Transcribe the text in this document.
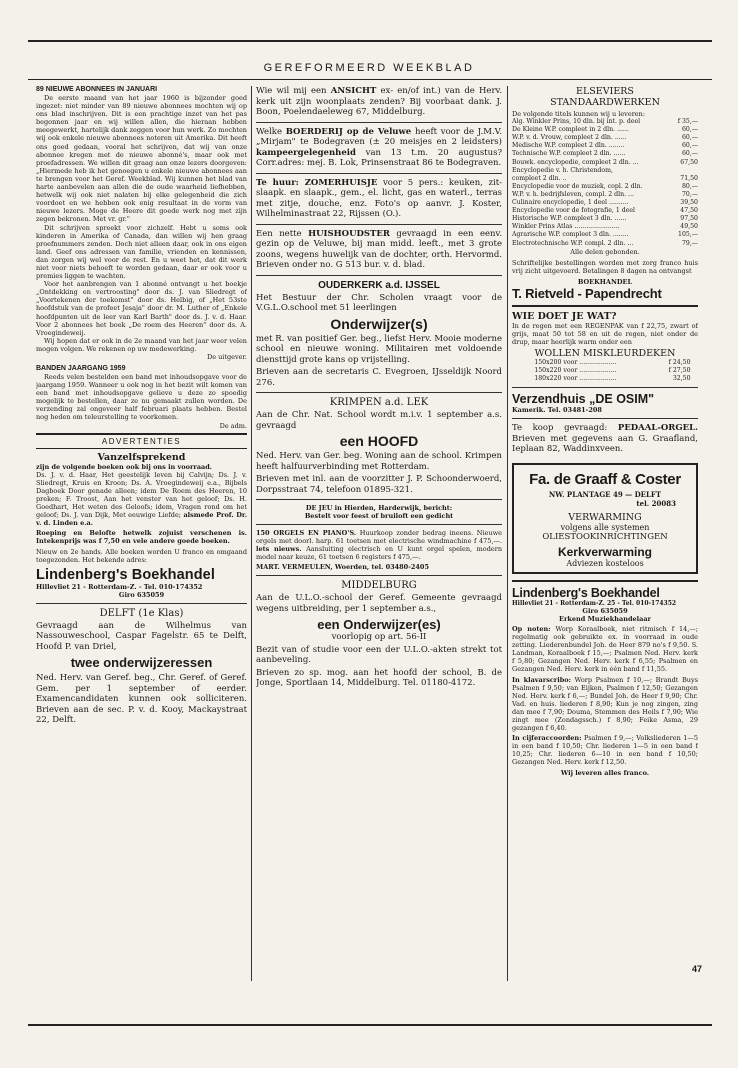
GEREFORMEERD WEEKBLAD
89 NIEUWE ABONNEES IN JANUARI

De eerste maand van het jaar 1960 is bijzonder goed ingezet: niet minder van 89 nieuwe abonnees mochten wij op ons blad inschrijven. Dit is een prachtige inzet van het pas begonnen jaar en wij willen allen, die hieraan hebben meegewerkt, hartelijk dank zeggen voor hun werk. Zo mochten wij ook enkele nieuwe abonnees noteren uit Amerika. Dit heeft ons goed gedaan, vooral het schrijven, dat wij van onze abonnee kregen met de nieuwe abonné's, maar ook met proefadressen. We willen dit graag aan onze lezers doorgeven: „Hiermede heb ik het genoegen u enkele nieuwe abonnees aan te brengen voor het Geref. Weekblad. Wij kunnen het blad van harte aanbevelen aan allen die de oude waarheid liefhebben, hetwelk wij ook niet nalaten bij elke gelegenheid die zich voordoet en we hebben ook enig resultaat in de vorm van nieuwe lezers. Moge de Heere dit goede werk nog met zijn zegen bekronen. Met vr. gr."

Dit schrijven spreekt voor zichzelf. Hebt u soms ook kinderen in Amerika of Canada, dan willen wij hen graag proefnummers zenden. Doch niet alleen daar, ook in ons eigen land. Geef ons adressen van familie, vrienden en kennissen, dan zorgen wij wel voor de rest. En u weet het, dat dit werk niet voor niets behoeft te worden gedaan, daar er ook voor u premies liggen te wachten.

Voor het aanbrengen van 1 abonné ontvangt u het boekje „Ontdekking en vertroosting" door ds. J. van Sliedregt of „Voortekenen der toekomst" door ds. Helbig, of „Het 53ste hoofdstuk van de profeet Jesaja" door dr. M. Luther of „Enkele hoofdpunten uit de leer van Karl Barth" door ds. J. v. d. Haar. Voor 2 abonnees het boek „De roem des Heeren" door ds. A. Vroegindeweij.

Wij hopen dat er ook in de 2e maand van het jaar weer velen mogen volgen. We rekenen op uw medewerking.

De uitgever.
BANDEN JAARGANG 1959

Reeds velen bestelden een band met inhoudsopgave voor de jaargang 1959. Wanneer u ook nog in het bezit wilt komen van een band met inhoudsopgave gelieve u deze zo spoedig mogelijk te bestellen, daar ze nu gemaakt zullen worden. De verzending zal ongeveer half februari plaats hebben. Bestel nog heden om teleurstelling te voorkomen.

De adm.
ADVERTENTIES
Vanzelfsprekend
zijn de volgende boeken ook bij ons in voorraad.
Ds. J. v. d. Haar, Het geestelijk leven bij Calvijn; Ds. J. v. Sliedregt, Kruis en Kroon; Ds. A. Vroegindeweij e.a., Bijbels Dagboek Door genade alleen; idem De Roem des Heeren, 10 preken; F. Troost, Aan het venster van het geloof; Ds. H. Goedhart, Het weten des Geloofs; idem, Vragen rond om het geloof; Ds. J. van Dijk, Met eeuwige Liefde; alsmede Prof. Dr. v. d. Linden e.a.
Roeping en Belofte hetwelk zojuist verschenen is. Intekenprijs was f 7,50 en vele andere goede boeken.
Nieuw en 2e hands. Alle boeken worden U franco en omgaand toegezonden. Het bekende adres:
Lindenberg's Boekhandel
Hillevliet 21 - Rotterdam-Z. - Tel. 010-174352
Giro 635059
DELFT (1e Klas)

Gevraagd aan de Wilhelmus van Nassouweschool, Caspar Fagelstr. 65 te Delft, Hoofd P. van Driel,

twee onderwijzeressen

Ned. Herv. van Geref. beg., Chr. Geref. of Geref. Gem. per 1 september of eerder. Examencandidaten kunnen ook solliciteren. Brieven aan de sec. P. v. d. Kooy, Mackaystraat 22, Delft.

Wie wil mij een ANSICHT ex- en/of int.) van de Herv. kerk uit zijn woonplaats zenden? Bij voorbaat dank. J. Boon, Poelendaeleweg 67, Middelburg.
Welke BOERDERIJ op de Veluwe heeft voor de J.M.V. „Mirjam" te Bodegraven (± 20 meisjes en 2 leidsters) kampeergelegenheid van 13 t.m. 20 augustus? Corr.adres: mej. B. Lok, Prinsenstraat 86 te Bodegraven.
Te huur: ZOMERHUISJE voor 5 pers.: keuken, zit-slaapk. en slaapk., gem., el. licht, gas en waterl., terras met zitje, douche, enz. Foto's op aanvr. J. Koster, Wilhelminastraat 22, Rijssen (O.).
Een nette HUISHOUDSTER gevraagd in een eenv. gezin op de Veluwe, bij man midd. leeft., met 3 grote zoons, wegens huwelijk van de dochter, orth. Hervormd. Brieven onder no. G 513 bur. v. d. blad.
OUDERKERK a.d. IJSSEL

Het Bestuur der Chr. Scholen vraagt voor de V.G.L.O.school met 51 leerlingen

Onderwijzer(s)

met R. van positief Ger. beg., liefst Herv. Mooie moderne school en nieuwe woning. Militairen met voldoende diensttijd grote kans op vrijstelling.

Brieven aan de secretaris C. Evegroen, IJsseldijk Noord 276.

KRIMPEN a.d. LEK

Aan de Chr. Nat. School wordt m.i.v. 1 september a.s. gevraagd

een HOOFD

Ned. Herv. van Ger. beg. Woning aan de school. Krimpen heeft halfuurverbinding met Rotterdam.

Brieven met inl. aan de voorzitter J. P. Schoonderwoerd, Dorpsstraat 74, telefoon 01895-321.

DE JEU in Hierden, Harderwijk, bericht:
Bestelt voor feest of bruiloft een gedicht
150 ORGELS EN PIANO'S. Huurkoop zonder bedrag ineens. Nieuwe orgels met doorl. harp. 61 toetsen met electrische windmachine f 475,—. lets nieuws. Aansluiting electrisch en U kunt orgel spelen, modern model naar keuze, 61 toetsen 6 registers f 475,—.
MART. VERMEULEN, Woerden, tel. 03480-2405
MIDDELBURG

Aan de U.L.O.-school der Geref. Gemeente gevraagd wegens uitbreiding, per 1 september a.s.,

een Onderwijzer(es)
voorlopig op art. 56-II

Bezit van of studie voor een der U.L.O.-akten strekt tot aanbeveling.

Brieven zo sp. mog. aan het hoofd der school, B. de Jonge, Sportlaan 14, Middelburg. Tel. 01180-4172.

ELSEVIERS
STANDAARDWERKEN
De volgende titels kunnen wij u leveren:
Alg. Winkler Prins, 10 dln. bij int. p. deel	f 35,—
De Kleine W.P. compleet in 2 dln. ......	60,—
W.P. v. d. Vrouw, compleet 2 dln. ......	60,—
Medische W.P. compleet 2 dln. ........	60,—
Technische W.P. compleet 2 dln. ......	60,—
Bouwk. encyclopedie, compleet 2 dln. ...	67,50
Encyclopedie v. h. Christendom,	
compleet 2 dln. ..	71,50
Encyclopedie voor de muziek, copl. 2 dln.	80,—
W.P. v. h. bedrijfsleven, compl. 2 dln. ...	70,—
Culinaire encyclopedie, 1 deel ..........	39,50
Encyclopedie voor de fotografie, 1 deel	47,50
Historische W.P. compleet 3 dln. ......	97,50
Winkler Prins Atlas .......................	49,50
Agrarische W.P. compleet 3 dln. ........	105,—
Electrotechnische W.P. compl. 2 dln. ...	79,—
Alle delen gebonden.

Schriftelijke bestellingen worden met zorg franco huis vrij zicht uitgevoerd. Betalingen 8 dagen na ontvangst

BOEKHANDEL
T. Rietveld - Papendrecht
WIE DOET JE WAT?

In de regen met een REGENPAK van f 22,75, zwart of grijs, maat 50 tot 58 en uit de regen, niet onder de drup, maar heerlijk warm onder een

WOLLEN MISKLEURDEKEN
150x200 voor ...................	f 24,50
150x220 voor ...................	f 27,50
180x220 voor ...................	32,50
Verzendhuis „DE OSIM"
Kamerik. Tel. 03481-208
Te koop gevraagd: PEDAAL-ORGEL. Brieven met gegevens aan G. Graafland, Ieplaan 82, Waddinxveen.
Fa. de Graaff & Coster
NW. PLANTAGE 49 — DELFT
tel. 20083
VERWARMING
volgens alle systemen
OLIESTOOKINRICHTINGEN
Kerkverwarming
Adviezen kosteloos
Lindenberg's Boekhandel
Hillevliet 21 - Rotterdam-Z. 25 - Tel. 010-174352
Giro 635059
Erkend Muziekhandelaar

Op noten: Worp Koraalboek, niet ritmisch f 14,—; regelmatig ook gebruikte ex. in voorraad in oude zetting. Liederenbundel Joh. de Heer 879 no's f 9,50. S. Landman, Koraalboek f 15,—; Psalmen Ned. Herv. kerk f 5,80; Gezangen Ned. Herv. kerk f 6,55; Psalmen en Gezangen Ned. Herv. kerk in één band f 11,55.

In klavarscribo: Worp Psalmen f 10,—; Brandt Buys Psalmen f 9,50; van Eijken, Psalmen f 12,50; Gezangen Ned. Herv. kerk f 6,—; Bundel Joh. de Heer f 9,90; Chr. Vad. en huis. liederen f 8,90; Kun je nog zingen, zing dan mee f 7,90; Douma, Stemmen des Heils f 7,90; Wie zingt mee (Zondagssch.) f 8,90; Feike Asma, 29 gezangen f 6,40.

In cijferaccoorden: Psalmen f 9,—; Volksliederen 1—5 in een band f 10,50; Chr. liederen 1—5 in een band f 10,25; Chr. liederen 6—10 in een band f 10,50; Gezangen Ned. Herv. kerk f 12,50.

Wij leveren alles franco.
47
